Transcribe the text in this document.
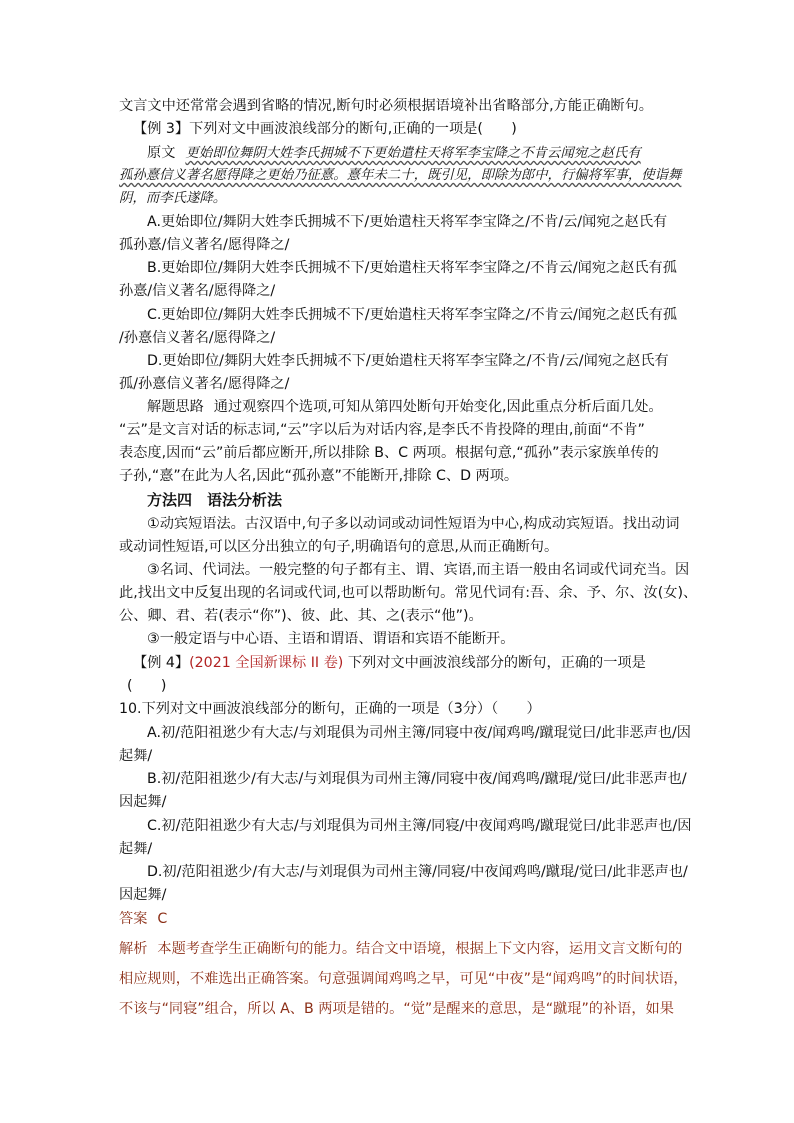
文言文中还常常会遇到省略的情况,断句时必须根据语境补出省略部分,方能正确断句。
【例 3】下列对文中画波浪线部分的断句,正确的一项是(　　)
原文 更始即位舞阴大姓李氏拥城不下更始遣柱天将军李宝降之不肯云闻宛之赵氏有
孤孙憙信义著名愿得降之更始乃征憙。憙年未二十，既引见，即除为郎中，行偏将军事，使诣舞
阴，而李氏遂降。
A.更始即位/舞阴大姓李氏拥城不下/更始遣柱天将军李宝降之/不肯/云/闻宛之赵氏有
孤孙憙/信义著名/愿得降之/
B.更始即位/舞阴大姓李氏拥城不下/更始遣柱天将军李宝降之/不肯云/闻宛之赵氏有孤
孙憙/信义著名/愿得降之/
C.更始即位/舞阴大姓李氏拥城不下/更始遣柱天将军李宝降之/不肯云/闻宛之赵氏有孤
/孙憙信义著名/愿得降之/
D.更始即位/舞阴大姓李氏拥城不下/更始遣柱天将军李宝降之/不肯/云/闻宛之赵氏有
孤/孙憙信义著名/愿得降之/
解题思路 通过观察四个选项,可知从第四处断句开始变化,因此重点分析后面几处。
“云”是文言对话的标志词,“云”字以后为对话内容,是李氏不肯投降的理由,前面“不肯”
表态度,因而“云”前后都应断开,所以排除 B、C 两项。根据句意,“孤孙”表示家族单传的
子孙,“憙”在此为人名,因此“孤孙憙”不能断开,排除 C、D 两项。
方法四　语法分析法
①动宾短语法。古汉语中,句子多以动词或动词性短语为中心,构成动宾短语。找出动词
或动词性短语,可以区分出独立的句子,明确语句的意思,从而正确断句。
③名词、代词法。一般完整的句子都有主、谓、宾语,而主语一般由名词或代词充当。因
此,找出文中反复出现的名词或代词,也可以帮助断句。常见代词有:吾、余、予、尔、汝(女)、
公、卿、君、若(表示“你”)、彼、此、其、之(表示“他”)。
③一般定语与中心语、主语和谓语、谓语和宾语不能断开。
【例 4】(2021 全国新课标 II 卷) 下列对文中画波浪线部分的断句，正确的一项是
(　　)
10.下列对文中画波浪线部分的断句，正确的一项是（3分）（　　）
A.初/范阳祖逖少有大志/与刘琨俱为司州主簿/同寝中夜/闻鸡鸣/蹴琨觉曰/此非恶声也/因
起舞/
B.初/范阳祖逖少/有大志/与刘琨俱为司州主簿/同寝中夜/闻鸡鸣/蹴琨/觉曰/此非恶声也/
因起舞/
C.初/范阳祖逖少有大志/与刘琨俱为司州主簿/同寝/中夜闻鸡鸣/蹴琨觉曰/此非恶声也/因
起舞/
D.初/范阳祖逖少/有大志/与刘琨俱为司州主簿/同寝/中夜闻鸡鸣/蹴琨/觉曰/此非恶声也/
因起舞/
答案 C
解析 本题考查学生正确断句的能力。结合文中语境，根据上下文内容，运用文言文断句的
相应规则，不难选出正确答案。句意强调闻鸡鸣之早，可见“中夜”是“闻鸡鸣”的时间状语，
不该与“同寝”组合，所以 A、B 两项是错的。“觉”是醒来的意思，是“蹴琨”的补语，如果
